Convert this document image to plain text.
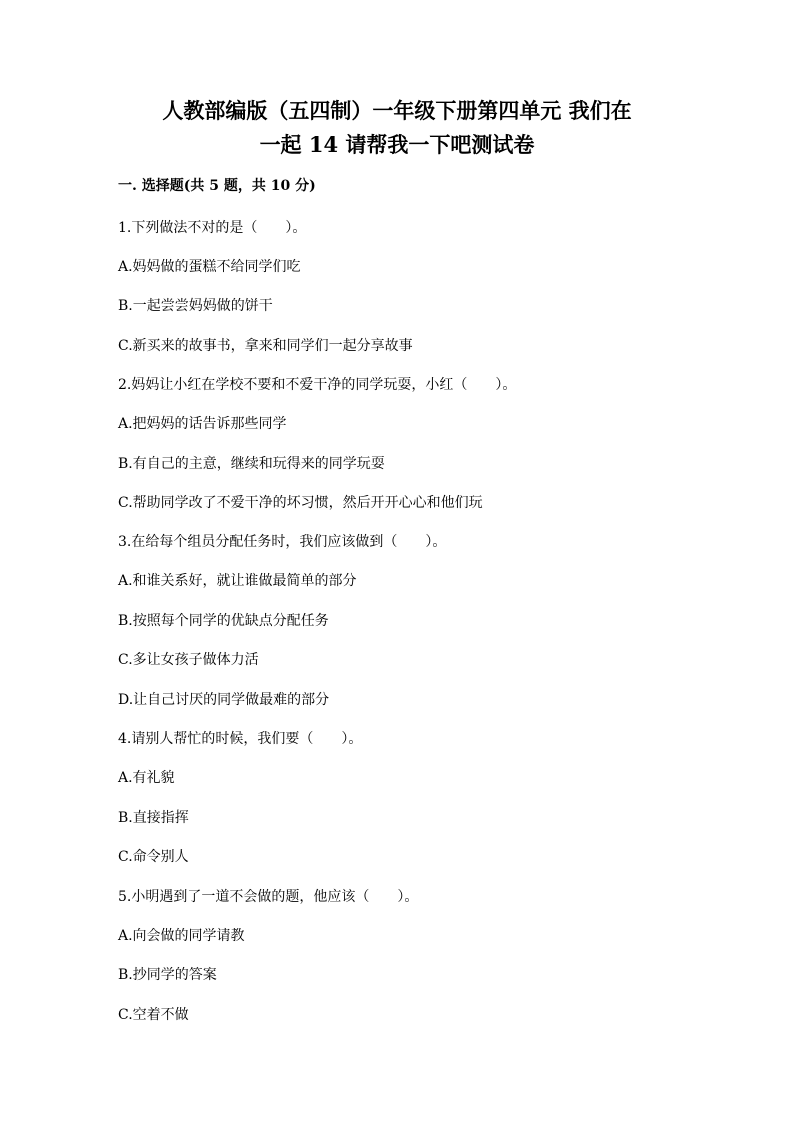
人教部编版（五四制）一年级下册第四单元 我们在
一起 14 请帮我一下吧测试卷
一. 选择题(共 5 题，共 10 分)
1.下列做法不对的是（　　）。
A.妈妈做的蛋糕不给同学们吃
B.一起尝尝妈妈做的饼干
C.新买来的故事书，拿来和同学们一起分享故事
2.妈妈让小红在学校不要和不爱干净的同学玩耍，小红（　　）。
A.把妈妈的话告诉那些同学
B.有自己的主意，继续和玩得来的同学玩耍
C.帮助同学改了不爱干净的坏习惯，然后开开心心和他们玩
3.在给每个组员分配任务时，我们应该做到（　　）。
A.和谁关系好，就让谁做最简单的部分
B.按照每个同学的优缺点分配任务
C.多让女孩子做体力活
D.让自己讨厌的同学做最难的部分
4.请别人帮忙的时候，我们要（　　）。
A.有礼貌
B.直接指挥
C.命令别人
5.小明遇到了一道不会做的题，他应该（　　）。
A.向会做的同学请教
B.抄同学的答案
C.空着不做
